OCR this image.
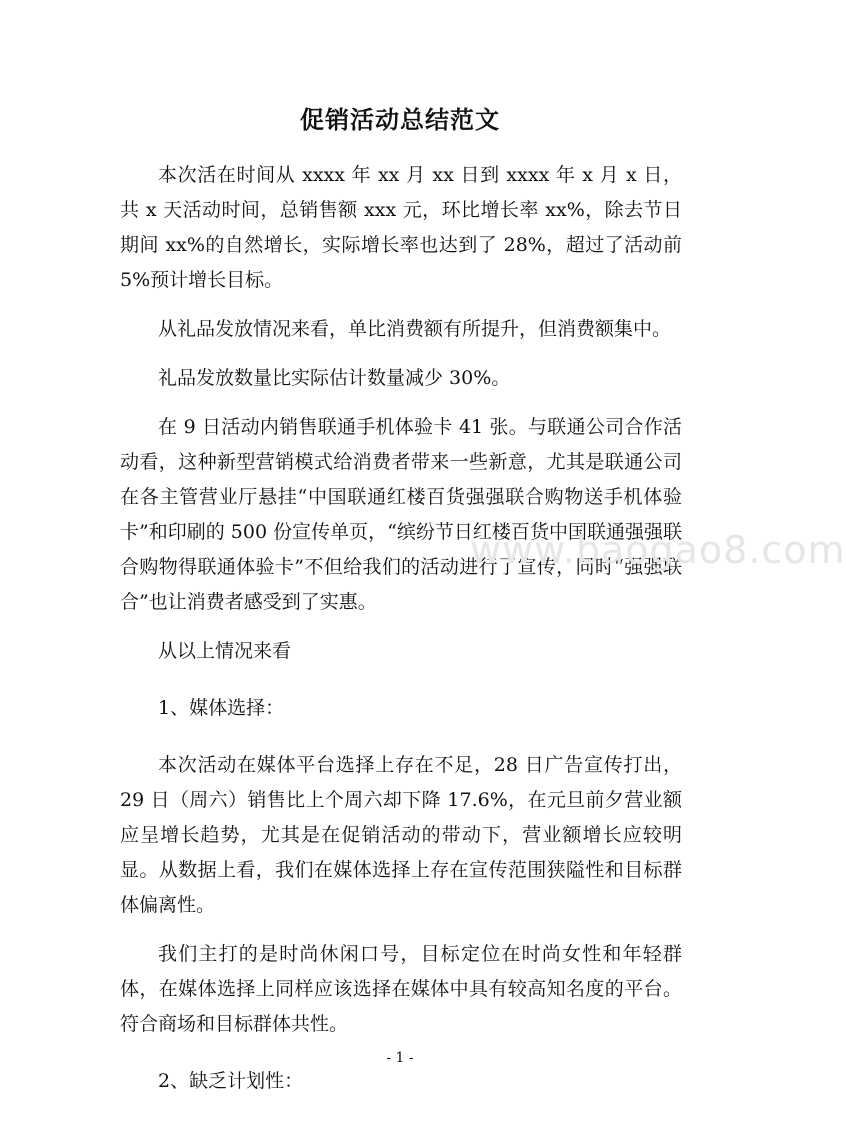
促销活动总结范文

本次活在时间从 xxxx 年 xx 月 xx 日到 xxxx 年 x 月 x 日，共 x 天活动时间，总销售额 xxx 元，环比增长率 xx%，除去节日期间 xx%的自然增长，实际增长率也达到了 28%，超过了活动前 5%预计增长目标。

从礼品发放情况来看，单比消费额有所提升，但消费额集中。

礼品发放数量比实际估计数量减少 30%。

在 9 日活动内销售联通手机体验卡 41 张。与联通公司合作活动看，这种新型营销模式给消费者带来一些新意，尤其是联通公司在各主管营业厅悬挂“中国联通红楼百货强强联合购物送手机体验卡”和印刷的 500 份宣传单页，“缤纷节日红楼百货中国联通强强联合购物得联通体验卡”不但给我们的活动进行了宣传，同时“强强联合”也让消费者感受到了实惠。

从以上情况来看

1、媒体选择：

本次活动在媒体平台选择上存在不足，28 日广告宣传打出，29 日（周六）销售比上个周六却下降 17.6%，在元旦前夕营业额应呈增长趋势，尤其是在促销活动的带动下，营业额增长应较明显。从数据上看，我们在媒体选择上存在宣传范围狭隘性和目标群体偏离性。

我们主打的是时尚休闲口号，目标定位在时尚女性和年轻群体，在媒体选择上同样应该选择在媒体中具有较高知名度的平台。符合商场和目标群体共性。

2、缺乏计划性：

www.baogao8.com

- 1 -
